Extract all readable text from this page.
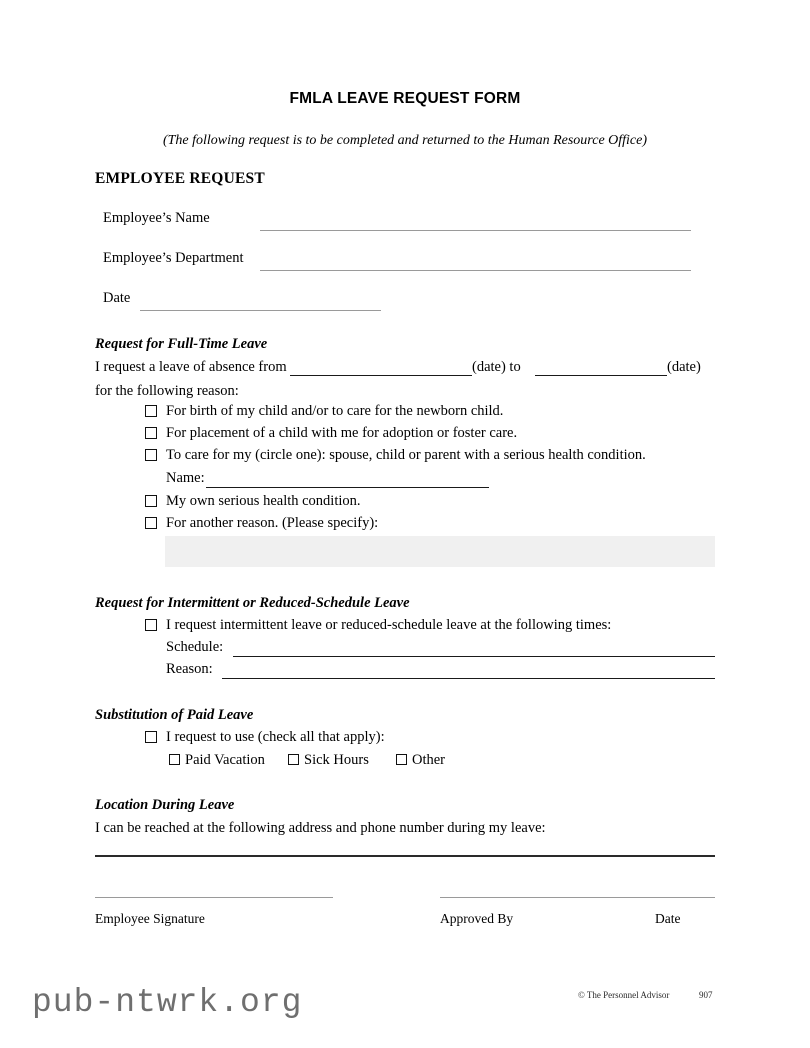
FMLA LEAVE REQUEST FORM
(The following request is to be completed and returned to the Human Resource Office)
EMPLOYEE REQUEST
Employee’s Name
Employee’s Department
Date
Request for Full-Time Leave
I request a leave of absence from	(date) to	(date)
for the following reason:
For birth of my child and/or to care for the newborn child.
For placement of a child with me for adoption or foster care.
To care for my (circle one): spouse, child or parent with a serious health condition.
Name:
My own serious health condition.
For another reason. (Please specify):
Request for Intermittent or Reduced-Schedule Leave
I request intermittent leave or reduced-schedule leave at the following times:
Schedule:
Reason:
Substitution of Paid Leave
I request to use (check all that apply):
Paid Vacation	Sick Hours	Other
Location During Leave
I can be reached at the following address and phone number during my leave:
Employee Signature	Approved By	Date
© The Personnel Advisor	907
pub-ntwrk.org
